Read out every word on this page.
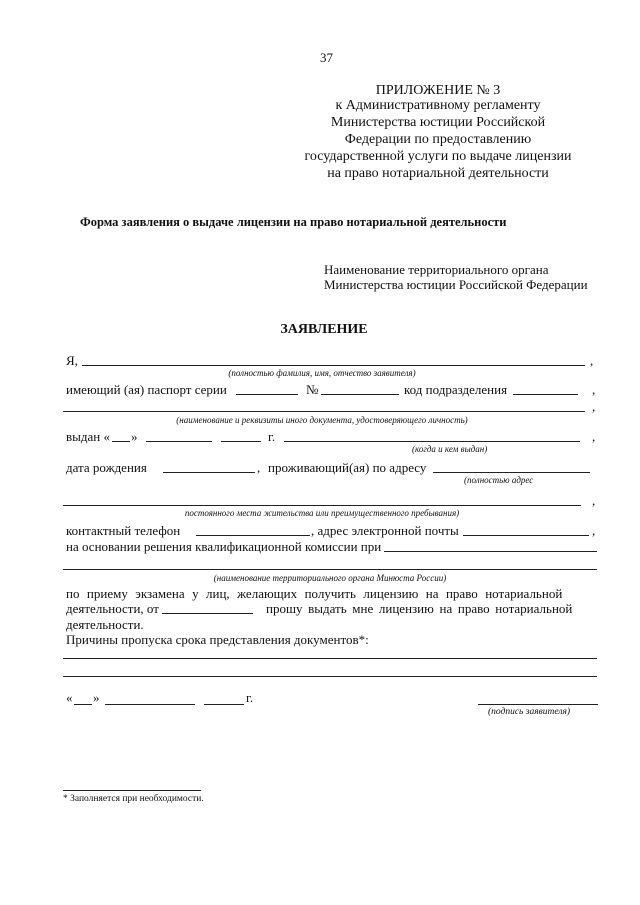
37
ПРИЛОЖЕНИЕ № 3
к Административному регламенту
Министерства юстиции Российской
Федерации по предоставлению
государственной услуги по выдаче лицензии
на право нотариальной деятельности
Форма заявления о выдаче лицензии на право нотариальной деятельности
Наименование территориального органа
Министерства юстиции Российской Федерации
ЗАЯВЛЕНИЕ
Я,	,
(полностью фамилия, имя, отчество заявителя)
имеющий (ая) паспорт серии	№	код подразделения	,
,
(наименование и реквизиты иного документа, удостоверяющего личность)
выдан « »	г.	,
(когда и кем выдан)
дата рождения	, проживающий(ая) по адресу
(полностью адрес
,
постоянного места жительства или преимущественного пребывания)
контактный телефон	, адрес электронной почты	,
на основании решения квалификационной комиссии при
(наименование территориального органа Минюста России)
по приему экзамена у лиц, желающих получить лицензию на право нотариальной
деятельности, от	прошу выдать мне лицензию на право нотариальной
деятельности.
Причины пропуска срока представления документов*:
« »	г.
(подпись заявителя)
* Заполняется при необходимости.
